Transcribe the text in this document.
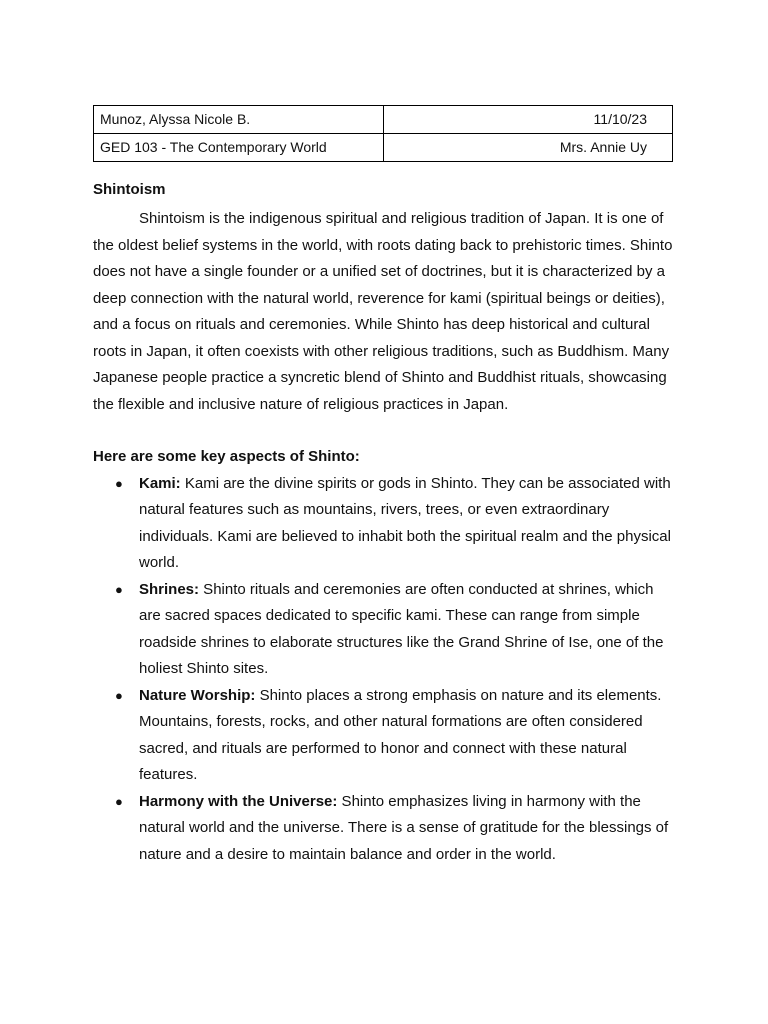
Munoz, Alyssa Nicole B.	11/10/23
GED 103 - The Contemporary World	Mrs. Annie Uy
Shintoism

Shintoism is the indigenous spiritual and religious tradition of Japan. It is one of the oldest belief systems in the world, with roots dating back to prehistoric times. Shinto does not have a single founder or a unified set of doctrines, but it is characterized by a deep connection with the natural world, reverence for kami (spiritual beings or deities), and a focus on rituals and ceremonies. While Shinto has deep historical and cultural roots in Japan, it often coexists with other religious traditions, such as Buddhism. Many Japanese people practice a syncretic blend of Shinto and Buddhist rituals, showcasing the flexible and inclusive nature of religious practices in Japan.

Here are some key aspects of Shinto:

● Kami: Kami are the divine spirits or gods in Shinto. They can be associated with natural features such as mountains, rivers, trees, or even extraordinary individuals. Kami are believed to inhabit both the spiritual realm and the physical world.
● Shrines: Shinto rituals and ceremonies are often conducted at shrines, which are sacred spaces dedicated to specific kami. These can range from simple roadside shrines to elaborate structures like the Grand Shrine of Ise, one of the holiest Shinto sites.
● Nature Worship: Shinto places a strong emphasis on nature and its elements. Mountains, forests, rocks, and other natural formations are often considered sacred, and rituals are performed to honor and connect with these natural features.
● Harmony with the Universe: Shinto emphasizes living in harmony with the natural world and the universe. There is a sense of gratitude for the blessings of nature and a desire to maintain balance and order in the world.
